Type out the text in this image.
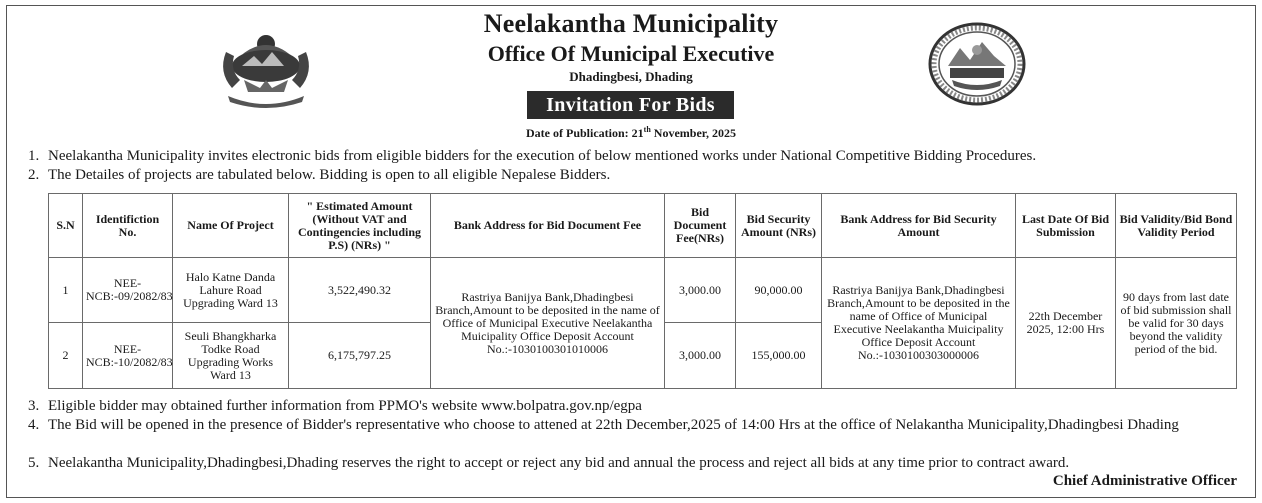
Neelakantha Municipality
Office Of Municipal Executive
Dhadingbesi, Dhading
Invitation For Bids
Date of Publication: 21th November, 2025
1. Neelakantha Municipality invites electronic bids from eligible bidders for the execution of below mentioned works under National Competitive Bidding Procedures.
2. The Detailes of projects are tabulated below. Bidding is open to all eligible Nepalese Bidders.
S.N	Identifiction No.	Name Of Project	" Estimated Amount (Without VAT and Contingencies including P.S) (NRs) "	Bank Address for Bid Document Fee	Bid Document Fee(NRs)	Bid Security Amount (NRs)	Bank Address for Bid Security Amount	Last Date Of Bid Submission	Bid Validity/Bid Bond Validity Period
1	NEE-NCB:-09/2082/83	Halo Katne Danda Lahure Road Upgrading Ward 13	3,522,490.32	Rastriya Banijya Bank,Dhadingbesi Branch,Amount to be deposited in the name of Office of Municipal Executive Neelakantha Muicipality Office Deposit Account No.:-1030100301010006	3,000.00	90,000.00	Rastriya Banijya Bank,Dhadingbesi Branch,Amount to be deposited in the name of Office of Municipal Executive Neelakantha Muicipality Office Deposit Account No.:-1030100303000006	22th December 2025, 12:00 Hrs	90 days from last date of bid submission shall be valid for 30 days beyond the validity period of the bid.
2	NEE-NCB:-10/2082/83	Seuli Bhangkharka Todke Road Upgrading Works Ward 13	6,175,797.25		3,000.00	155,000.00			
3. Eligible bidder may obtained further information from PPMO's website www.bolpatra.gov.np/egpa
4. The Bid will be opened in the presence of Bidder's representative who choose to attened at 22th December,2025 of 14:00 Hrs at the office of Nelakantha Municipality,Dhadingbesi Dhading
5. Neelakantha Municipality,Dhadingbesi,Dhading reserves the right to accept or reject any bid and annual the process and reject all bids at any time prior to contract award.
Chief Administrative Officer
